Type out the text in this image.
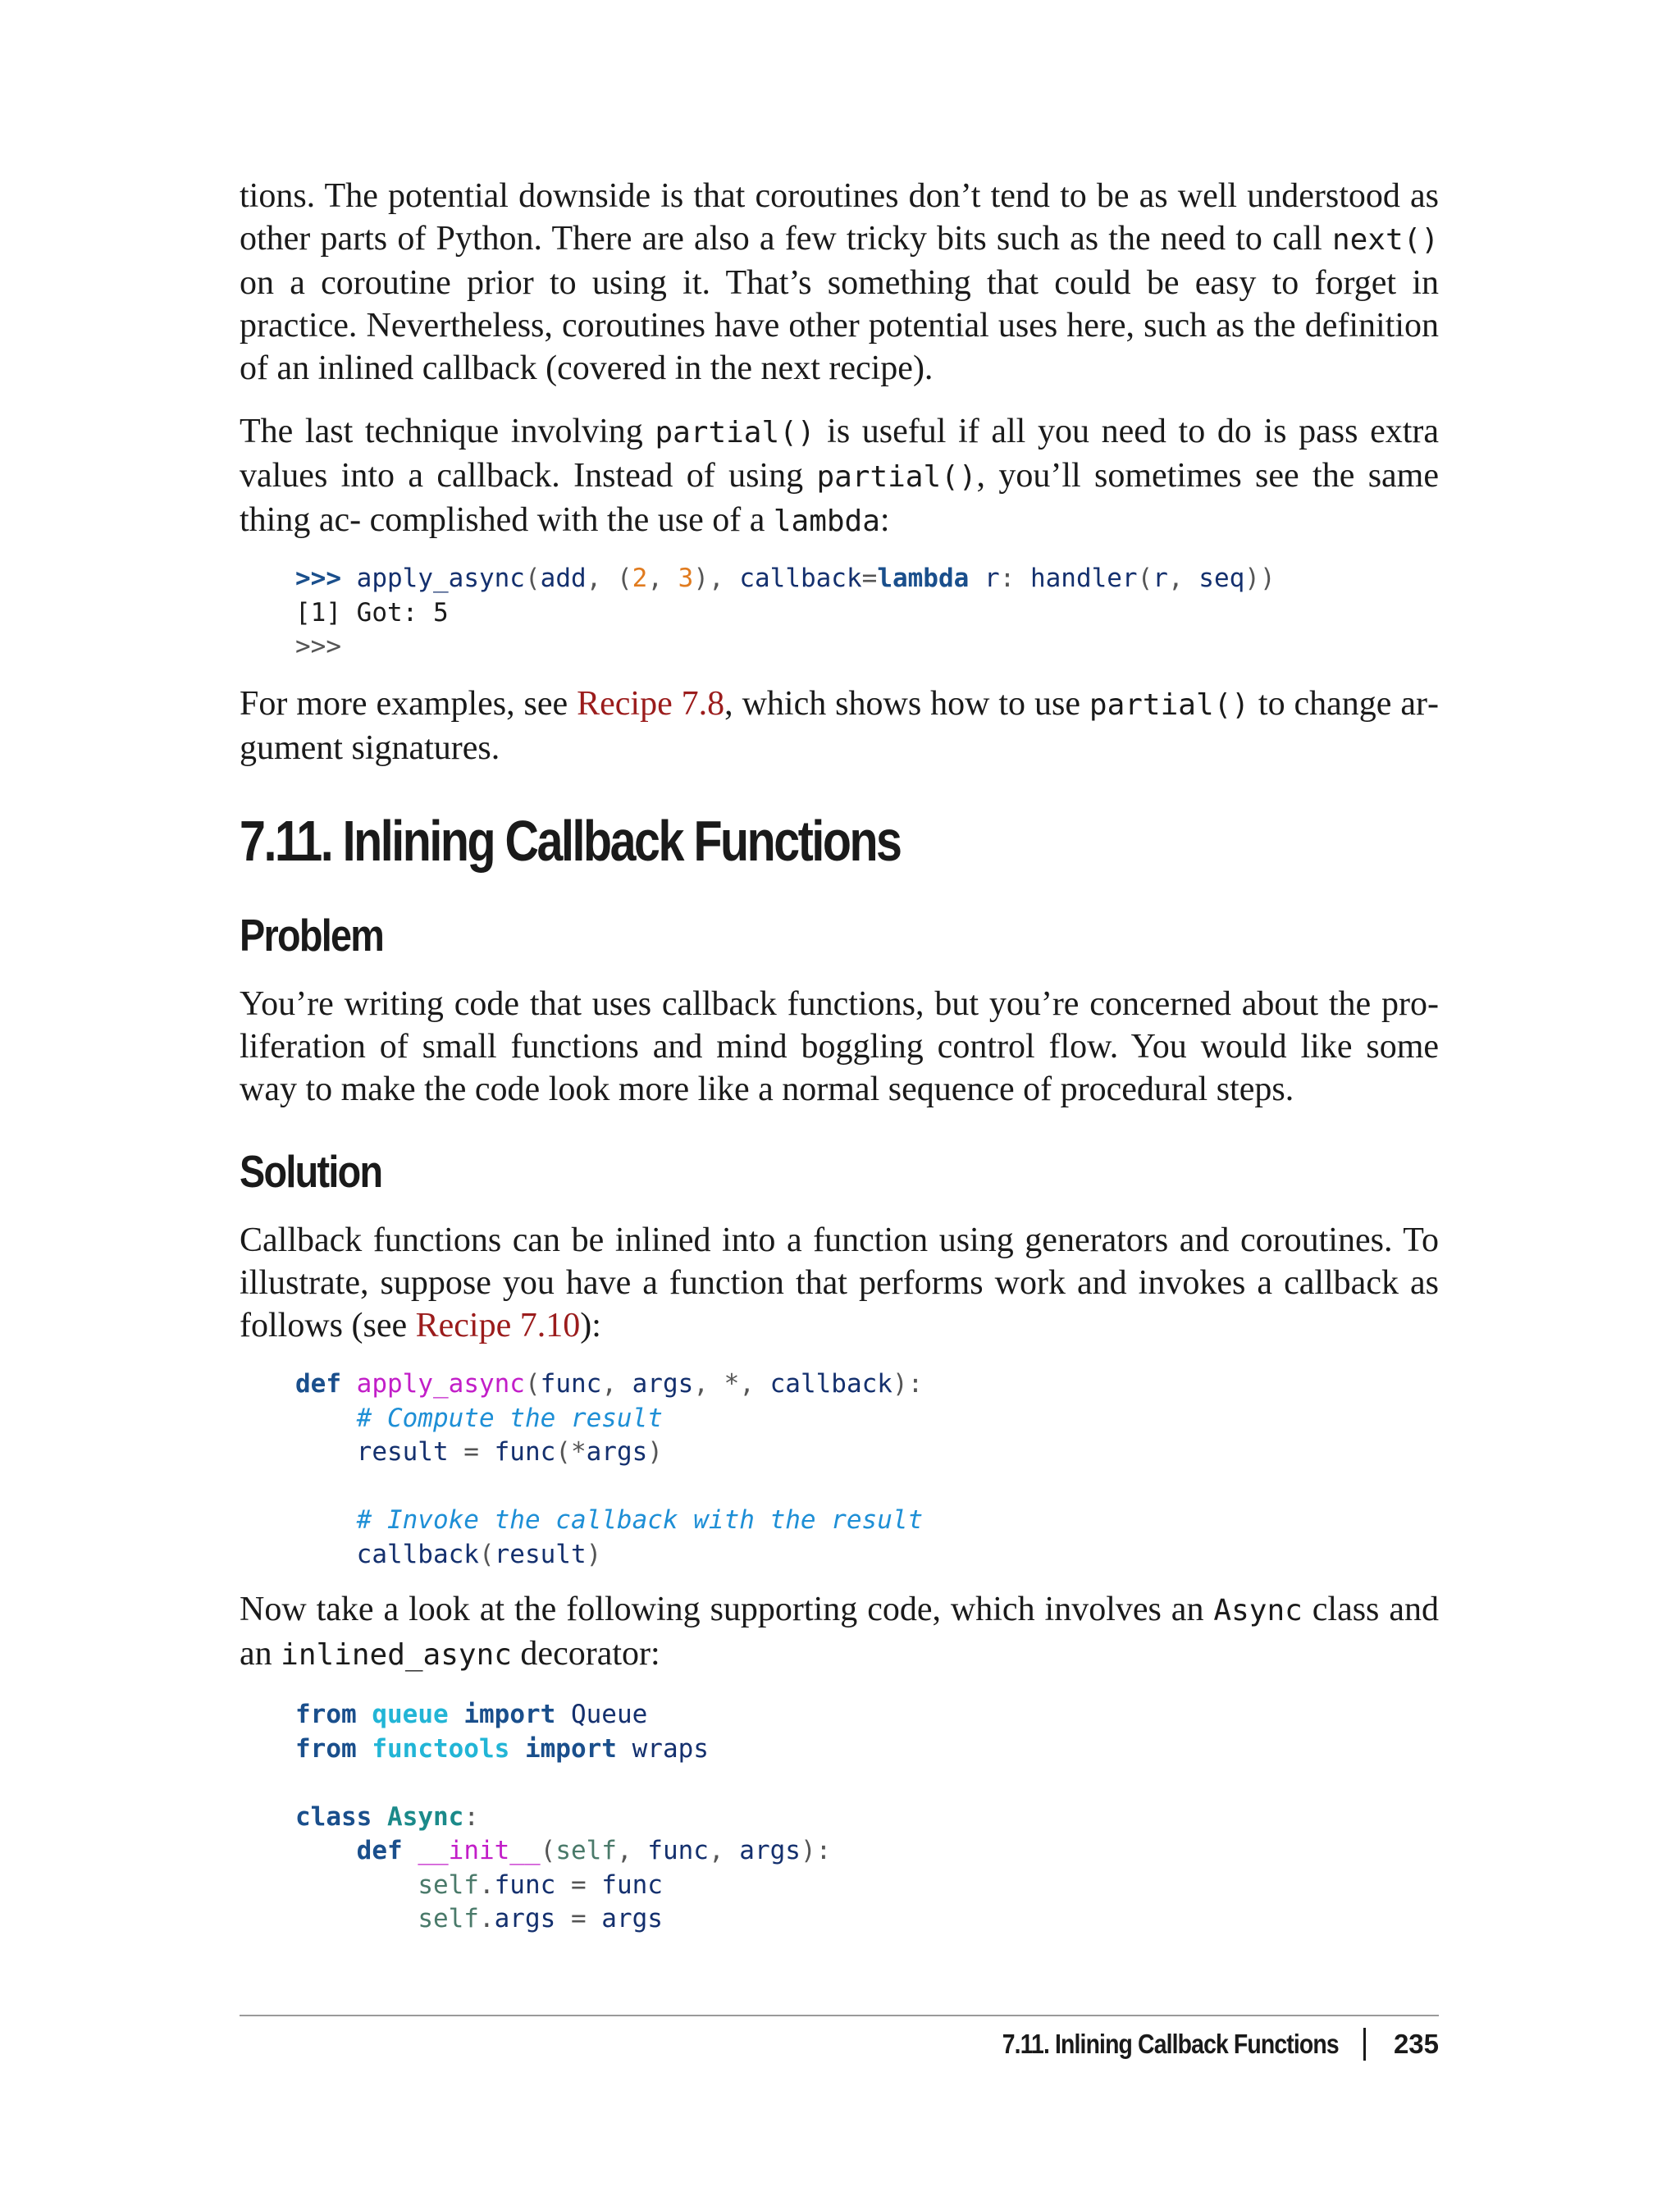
tions. The potential downside is that coroutines don’t tend to be as well understood as other parts of Python. There are also a few tricky bits such as the need to call next() on a coroutine prior to using it. That’s something that could be easy to forget in practice. Nevertheless, coroutines have other potential uses here, such as the definition of an inlined callback (covered in the next recipe).

The last technique involving partial() is useful if all you need to do is pass extra values into a callback. Instead of using partial(), you’ll sometimes see the same thing ac‐ complished with the use of a lambda:

>>> apply_async(add, (2, 3), callback=lambda r: handler(r, seq))
[1] Got: 5
>>>

For more examples, see Recipe 7.8, which shows how to use partial() to change ar‐ gument signatures.

7.11. Inlining Callback Functions
Problem

You’re writing code that uses callback functions, but you’re concerned about the pro‐ liferation of small functions and mind boggling control flow. You would like some way to make the code look more like a normal sequence of procedural steps.

Solution

Callback functions can be inlined into a function using generators and coroutines. To illustrate, suppose you have a function that performs work and invokes a callback as follows (see Recipe 7.10):

def apply_async(func, args, *, callback):
# Compute the result
result = func(*args)

# Invoke the callback with the result
callback(result)

Now take a look at the following supporting code, which involves an Async class and an inlined_async decorator:

from queue import Queue
from functools import wraps

class Async:
def __init__(self, func, args):
self.func = func
self.args = args
7.11. Inlining Callback Functions 235
